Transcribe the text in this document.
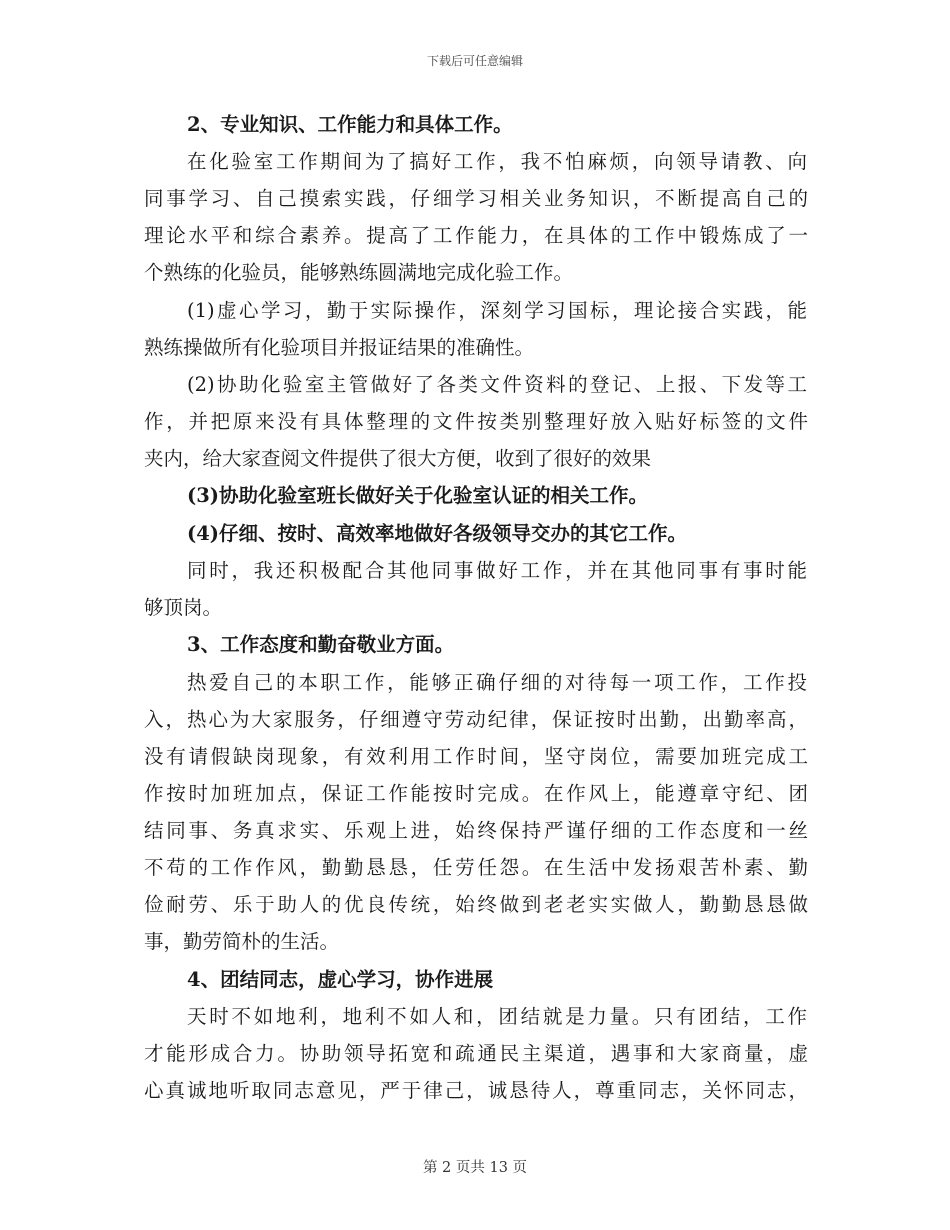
下载后可任意编辑
2、专业知识、工作能力和具体工作。
在化验室工作期间为了搞好工作，我不怕麻烦，向领导请教、向
同事学习、自己摸索实践，仔细学习相关业务知识，不断提高自己的
理论水平和综合素养。提高了工作能力，在具体的工作中锻炼成了一
个熟练的化验员，能够熟练圆满地完成化验工作。
(1)虚心学习，勤于实际操作，深刻学习国标，理论接合实践，能
熟练操做所有化验项目并报证结果的准确性。
(2)协助化验室主管做好了各类文件资料的登记、上报、下发等工
作，并把原来没有具体整理的文件按类别整理好放入贴好标签的文件
夹内，给大家查阅文件提供了很大方便，收到了很好的效果
(3)协助化验室班长做好关于化验室认证的相关工作。
(4)仔细、按时、高效率地做好各级领导交办的其它工作。
同时，我还积极配合其他同事做好工作，并在其他同事有事时能
够顶岗。
3、工作态度和勤奋敬业方面。
热爱自己的本职工作，能够正确仔细的对待每一项工作，工作投
入，热心为大家服务，仔细遵守劳动纪律，保证按时出勤，出勤率高，
没有请假缺岗现象，有效利用工作时间，坚守岗位，需要加班完成工
作按时加班加点，保证工作能按时完成。在作风上，能遵章守纪、团
结同事、务真求实、乐观上进，始终保持严谨仔细的工作态度和一丝
不苟的工作作风，勤勤恳恳，任劳任怨。在生活中发扬艰苦朴素、勤
俭耐劳、乐于助人的优良传统，始终做到老老实实做人，勤勤恳恳做
事，勤劳简朴的生活。
4、团结同志，虚心学习，协作进展
天时不如地利，地利不如人和，团结就是力量。只有团结，工作
才能形成合力。协助领导拓宽和疏通民主渠道，遇事和大家商量，虚
心真诚地听取同志意见，严于律己，诚恳待人，尊重同志，关怀同志，
第 2 页共 13 页
